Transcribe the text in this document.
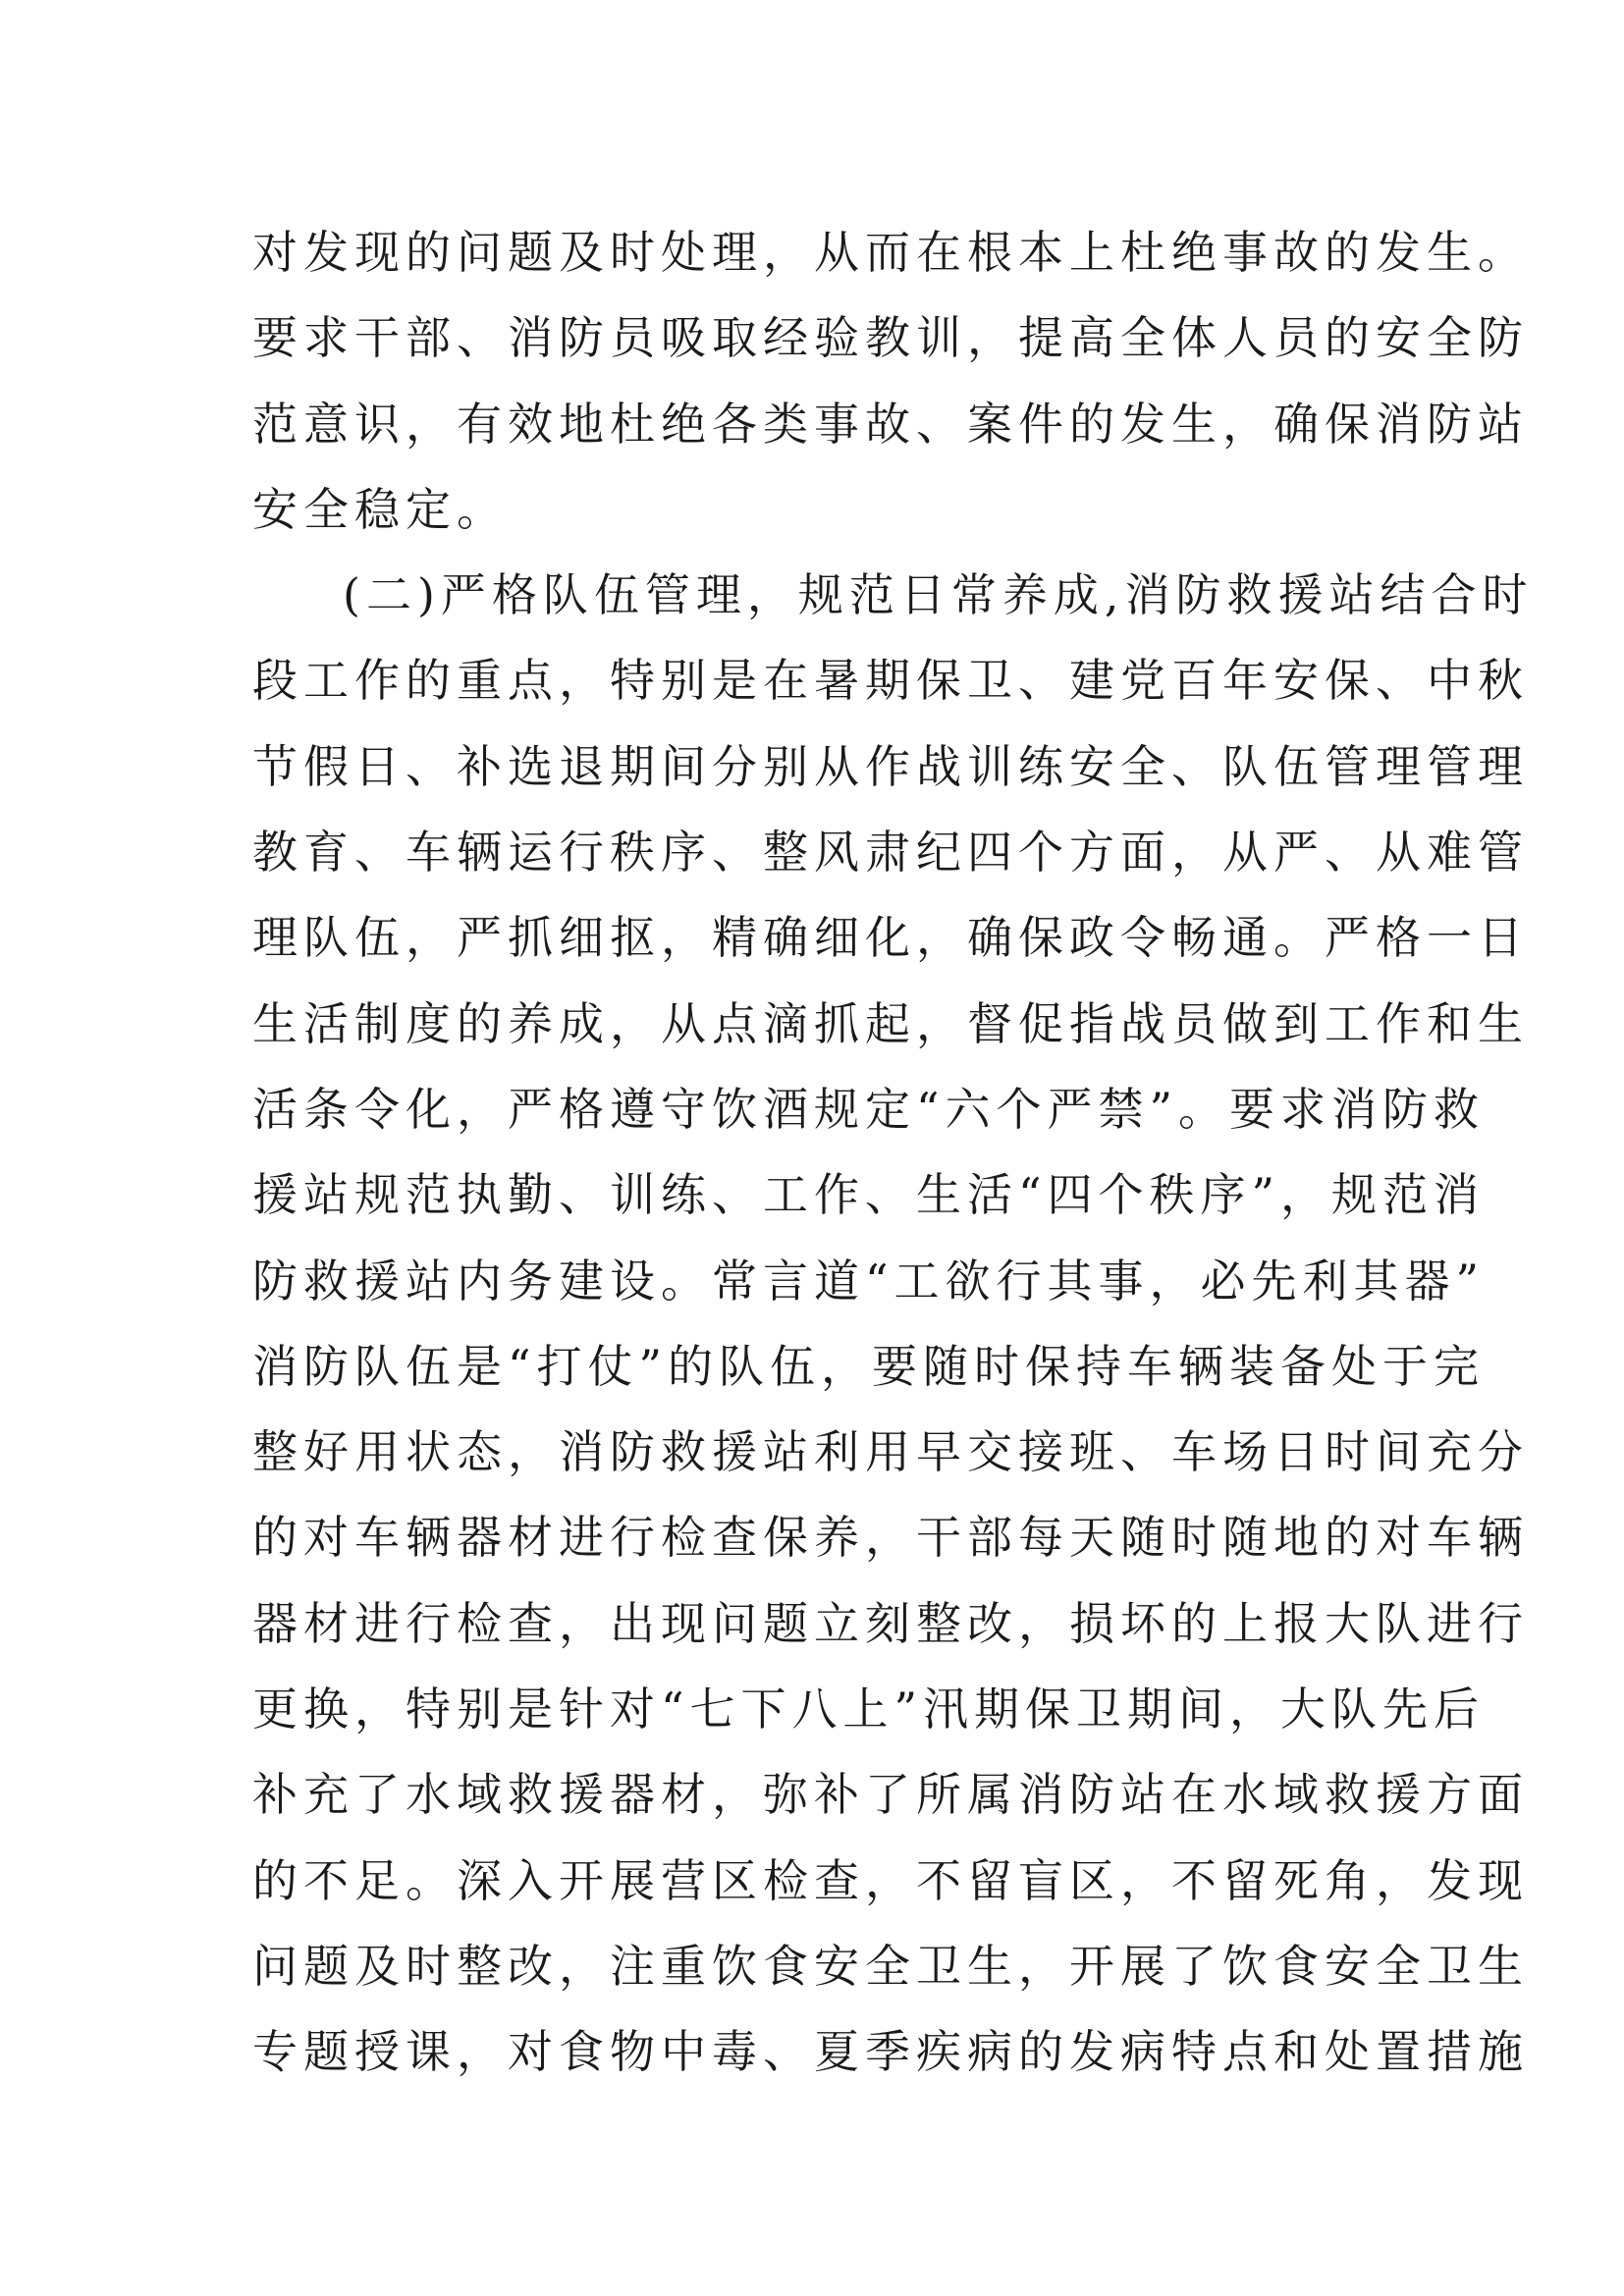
对发现的问题及时处理，从而在根本上杜绝事故的发生。
要求干部、消防员吸取经验教训，提高全体人员的安全防
范意识，有效地杜绝各类事故、案件的发生，确保消防站
安全稳定。
(二)严格队伍管理，规范日常养成,消防救援站结合时
段工作的重点，特别是在暑期保卫、建党百年安保、中秋
节假日、补选退期间分别从作战训练安全、队伍管理管理
教育、车辆运行秩序、整风肃纪四个方面，从严、从难管
理队伍，严抓细抠，精确细化，确保政令畅通。严格一日
生活制度的养成，从点滴抓起，督促指战员做到工作和生
活条令化，严格遵守饮酒规定“六个严禁”。要求消防救
援站规范执勤、训练、工作、生活“四个秩序”，规范消
防救援站内务建设。常言道“工欲行其事，必先利其器”
消防队伍是“打仗”的队伍，要随时保持车辆装备处于完
整好用状态，消防救援站利用早交接班、车场日时间充分
的对车辆器材进行检查保养，干部每天随时随地的对车辆
器材进行检查，出现问题立刻整改，损坏的上报大队进行
更换，特别是针对“七下八上”汛期保卫期间，大队先后
补充了水域救援器材，弥补了所属消防站在水域救援方面
的不足。深入开展营区检查，不留盲区，不留死角，发现
问题及时整改，注重饮食安全卫生，开展了饮食安全卫生
专题授课，对食物中毒、夏季疾病的发病特点和处置措施
